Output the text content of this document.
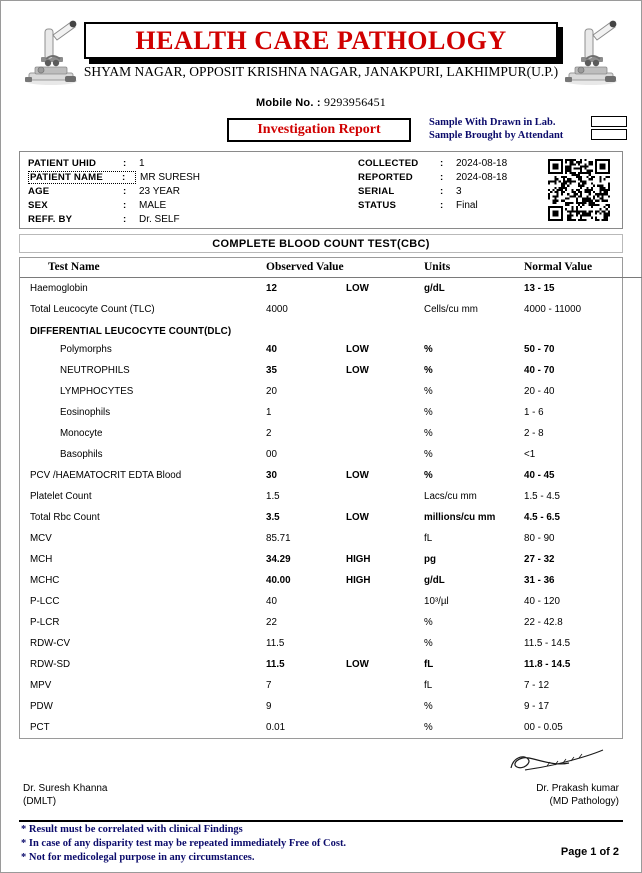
HEALTH CARE PATHOLOGY
SHYAM NAGAR, OPPOSIT KRISHNA NAGAR, JANAKPURI, LAKHIMPUR(U.P.)
Mobile No. : 9293956451
Investigation Report	Sample With Drawn in Lab.
Sample Brought by Attendant
PATIENT UHID	:	1
PATIENT NAME	:	MR SURESH
AGE	:	23 YEAR
SEX	:	MALE
REFF. BY	:	Dr. SELF
COLLECTED	:	2024-08-18
REPORTED	:	2024-08-18
SERIAL	:	3
STATUS	:	Final
COMPLETE BLOOD COUNT TEST(CBC)
Test Name	Observed Value		Units	Normal Value
Haemoglobin	12	LOW	g/dL	13 - 15
Total Leucocyte Count (TLC)	4000		Cells/cu mm	4000 - 11000
DIFFERENTIAL LEUCOCYTE COUNT(DLC)				
Polymorphs	40	LOW	%	50 - 70
NEUTROPHILS	35	LOW	%	40 - 70
LYMPHOCYTES	20		%	20 - 40
Eosinophils	1		%	1 - 6
Monocyte	2		%	2 - 8
Basophils	00		%	<1
PCV /HAEMATOCRIT EDTA Blood	30	LOW	%	40 - 45
Platelet Count	1.5		Lacs/cu mm	1.5 - 4.5
Total Rbc Count	3.5	LOW	millions/cu mm	4.5 - 6.5
MCV	85.71		fL	80 - 90
MCH	34.29	HIGH	pg	27 - 32
MCHC	40.00	HIGH	g/dL	31 - 36
P-LCC	40		10³/µl	40 - 120
P-LCR	22		%	22 - 42.8
RDW-CV	11.5		%	11.5 - 14.5
RDW-SD	11.5	LOW	fL	11.8 - 14.5
MPV	7		fL	7 - 12
PDW	9		%	9 - 17
PCT	0.01		%	00 - 0.05
Dr. Suresh Khanna
(DMLT)
Dr. Prakash kumar
(MD Pathology)
* Result must be correlated with clinical Findings
* In case of any disparity test may be repeated immediately Free of Cost.
* Not for medicolegal purpose in any circumstances.	Page 1 of 2
